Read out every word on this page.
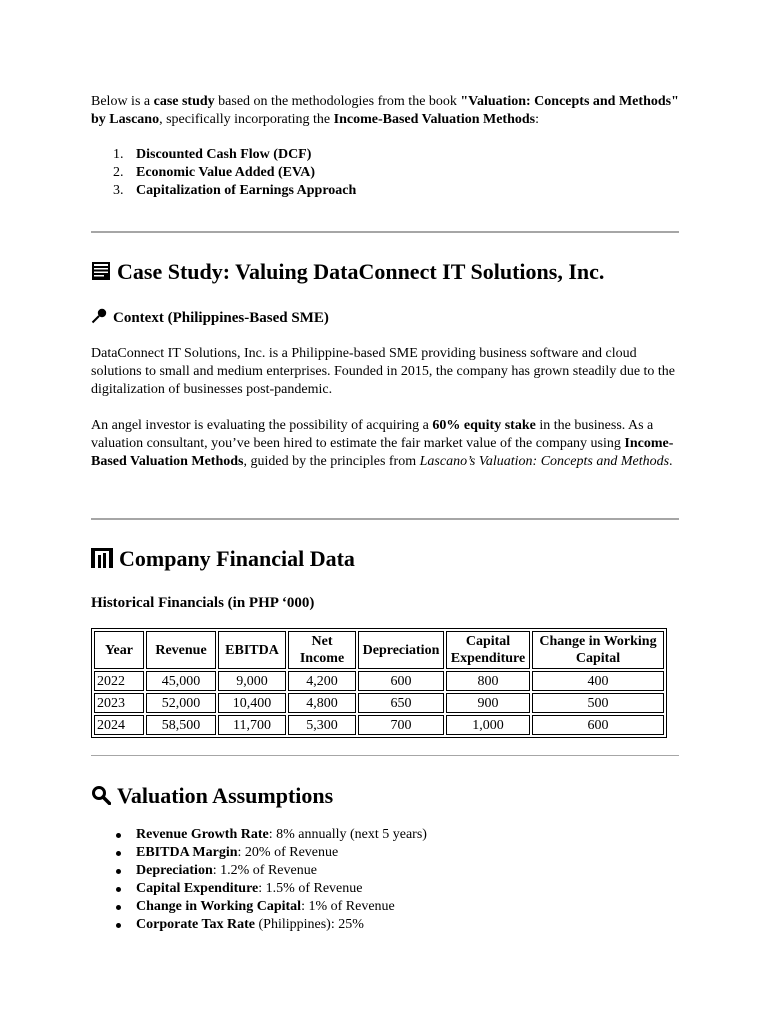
Below is a case study based on the methodologies from the book "Valuation: Concepts and Methods" by Lascano, specifically incorporating the Income-Based Valuation Methods:

1. Discounted Cash Flow (DCF)
2. Economic Value Added (EVA)
3. Capitalization of Earnings Approach
Case Study: Valuing DataConnect IT Solutions, Inc.
Context (Philippines-Based SME)

DataConnect IT Solutions, Inc. is a Philippine-based SME providing business software and cloud solutions to small and medium enterprises. Founded in 2015, the company has grown steadily due to the digitalization of businesses post-pandemic.

An angel investor is evaluating the possibility of acquiring a 60% equity stake in the business. As a valuation consultant, you’ve been hired to estimate the fair market value of the company using Income-Based Valuation Methods, guided by the principles from Lascano’s Valuation: Concepts and Methods.

Company Financial Data
Historical Financials (in PHP ‘000)
Year	Revenue	EBITDA	Net Income	Depreciation	Capital Expenditure	Change in Working Capital
2022	45,000	9,000	4,200	600	800	400
2023	52,000	10,400	4,800	650	900	500
2024	58,500	11,700	5,300	700	1,000	600
Valuation Assumptions
Revenue Growth Rate: 8% annually (next 5 years)
EBITDA Margin: 20% of Revenue
Depreciation: 1.2% of Revenue
Capital Expenditure: 1.5% of Revenue
Change in Working Capital: 1% of Revenue
Corporate Tax Rate (Philippines): 25%
